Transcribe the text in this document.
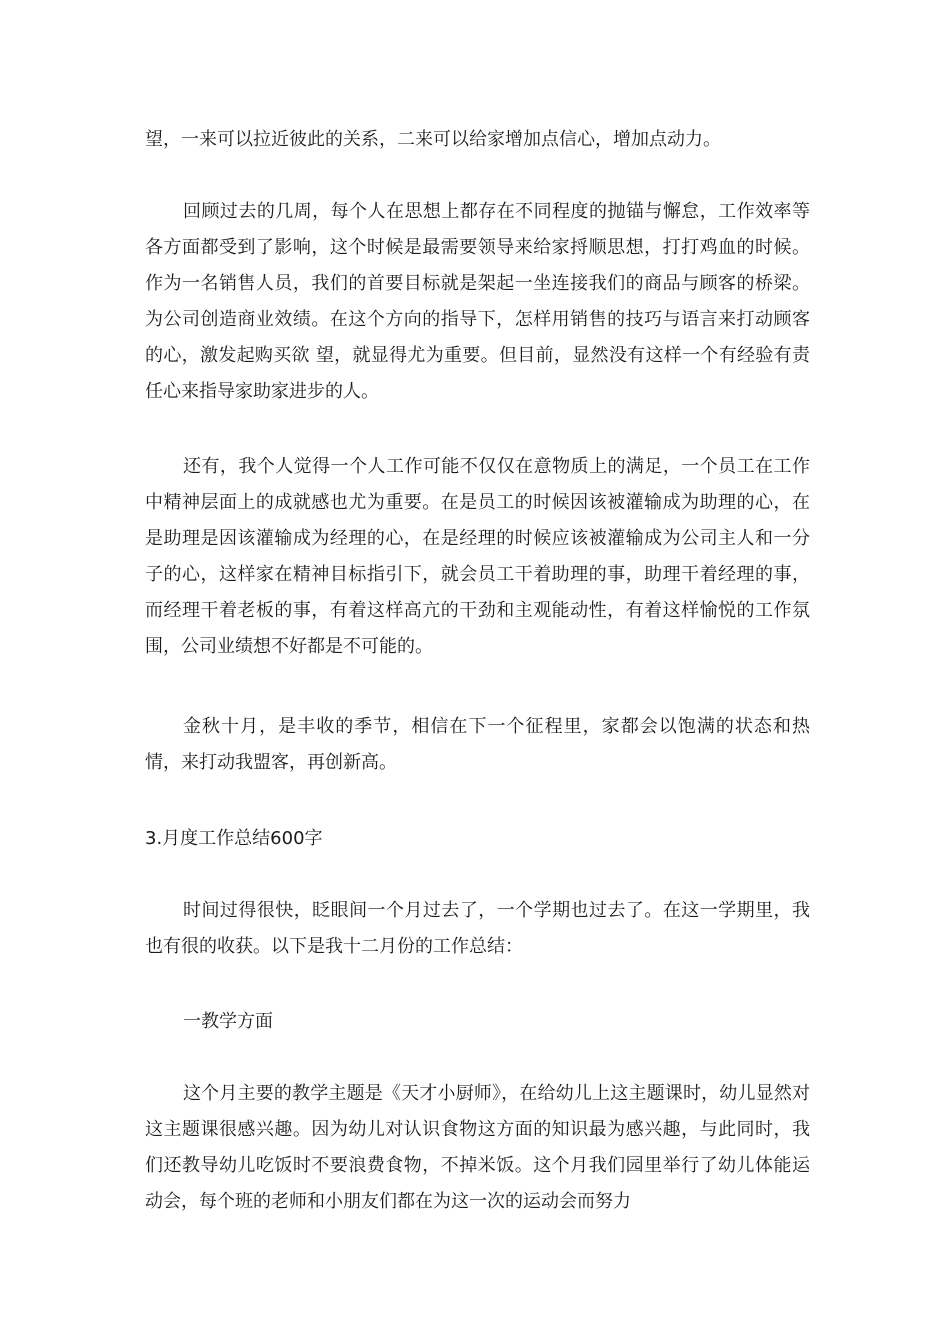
望，一来可以拉近彼此的关系，二来可以给家增加点信心，增加点动力。

回顾过去的几周，每个人在思想上都存在不同程度的抛锚与懈怠，工作效率等各方面都受到了影响，这个时候是最需要领导来给家捋顺思想，打打鸡血的时候。作为一名销售人员，我们的首要目标就是架起一坐连接我们的商品与顾客的桥梁。为公司创造商业效绩。在这个方向的指导下，怎样用销售的技巧与语言来打动顾客的心，激发起购买欲 望，就显得尤为重要。但目前，显然没有这样一个有经验有责任心来指导家助家进步的人。

还有，我个人觉得一个人工作可能不仅仅在意物质上的满足，一个员工在工作中精神层面上的成就感也尤为重要。在是员工的时候因该被灌输成为助理的心，在是助理是因该灌输成为经理的心，在是经理的时候应该被灌输成为公司主人和一分子的心，这样家在精神目标指引下，就会员工干着助理的事，助理干着经理的事，而经理干着老板的事，有着这样高亢的干劲和主观能动性，有着这样愉悦的工作氛围，公司业绩想不好都是不可能的。

金秋十月，是丰收的季节，相信在下一个征程里，家都会以饱满的状态和热情，来打动我盟客，再创新高。

3.月度工作总结600字

时间过得很快，眨眼间一个月过去了，一个学期也过去了。在这一学期里，我也有很的收获。以下是我十二月份的工作总结：

一教学方面

这个月主要的教学主题是《天才小厨师》，在给幼儿上这主题课时，幼儿显然对这主题课很感兴趣。因为幼儿对认识食物这方面的知识最为感兴趣，与此同时，我们还教导幼儿吃饭时不要浪费食物，不掉米饭。这个月我们园里举行了幼儿体能运动会，每个班的老师和小朋友们都在为这一次的运动会而努力
